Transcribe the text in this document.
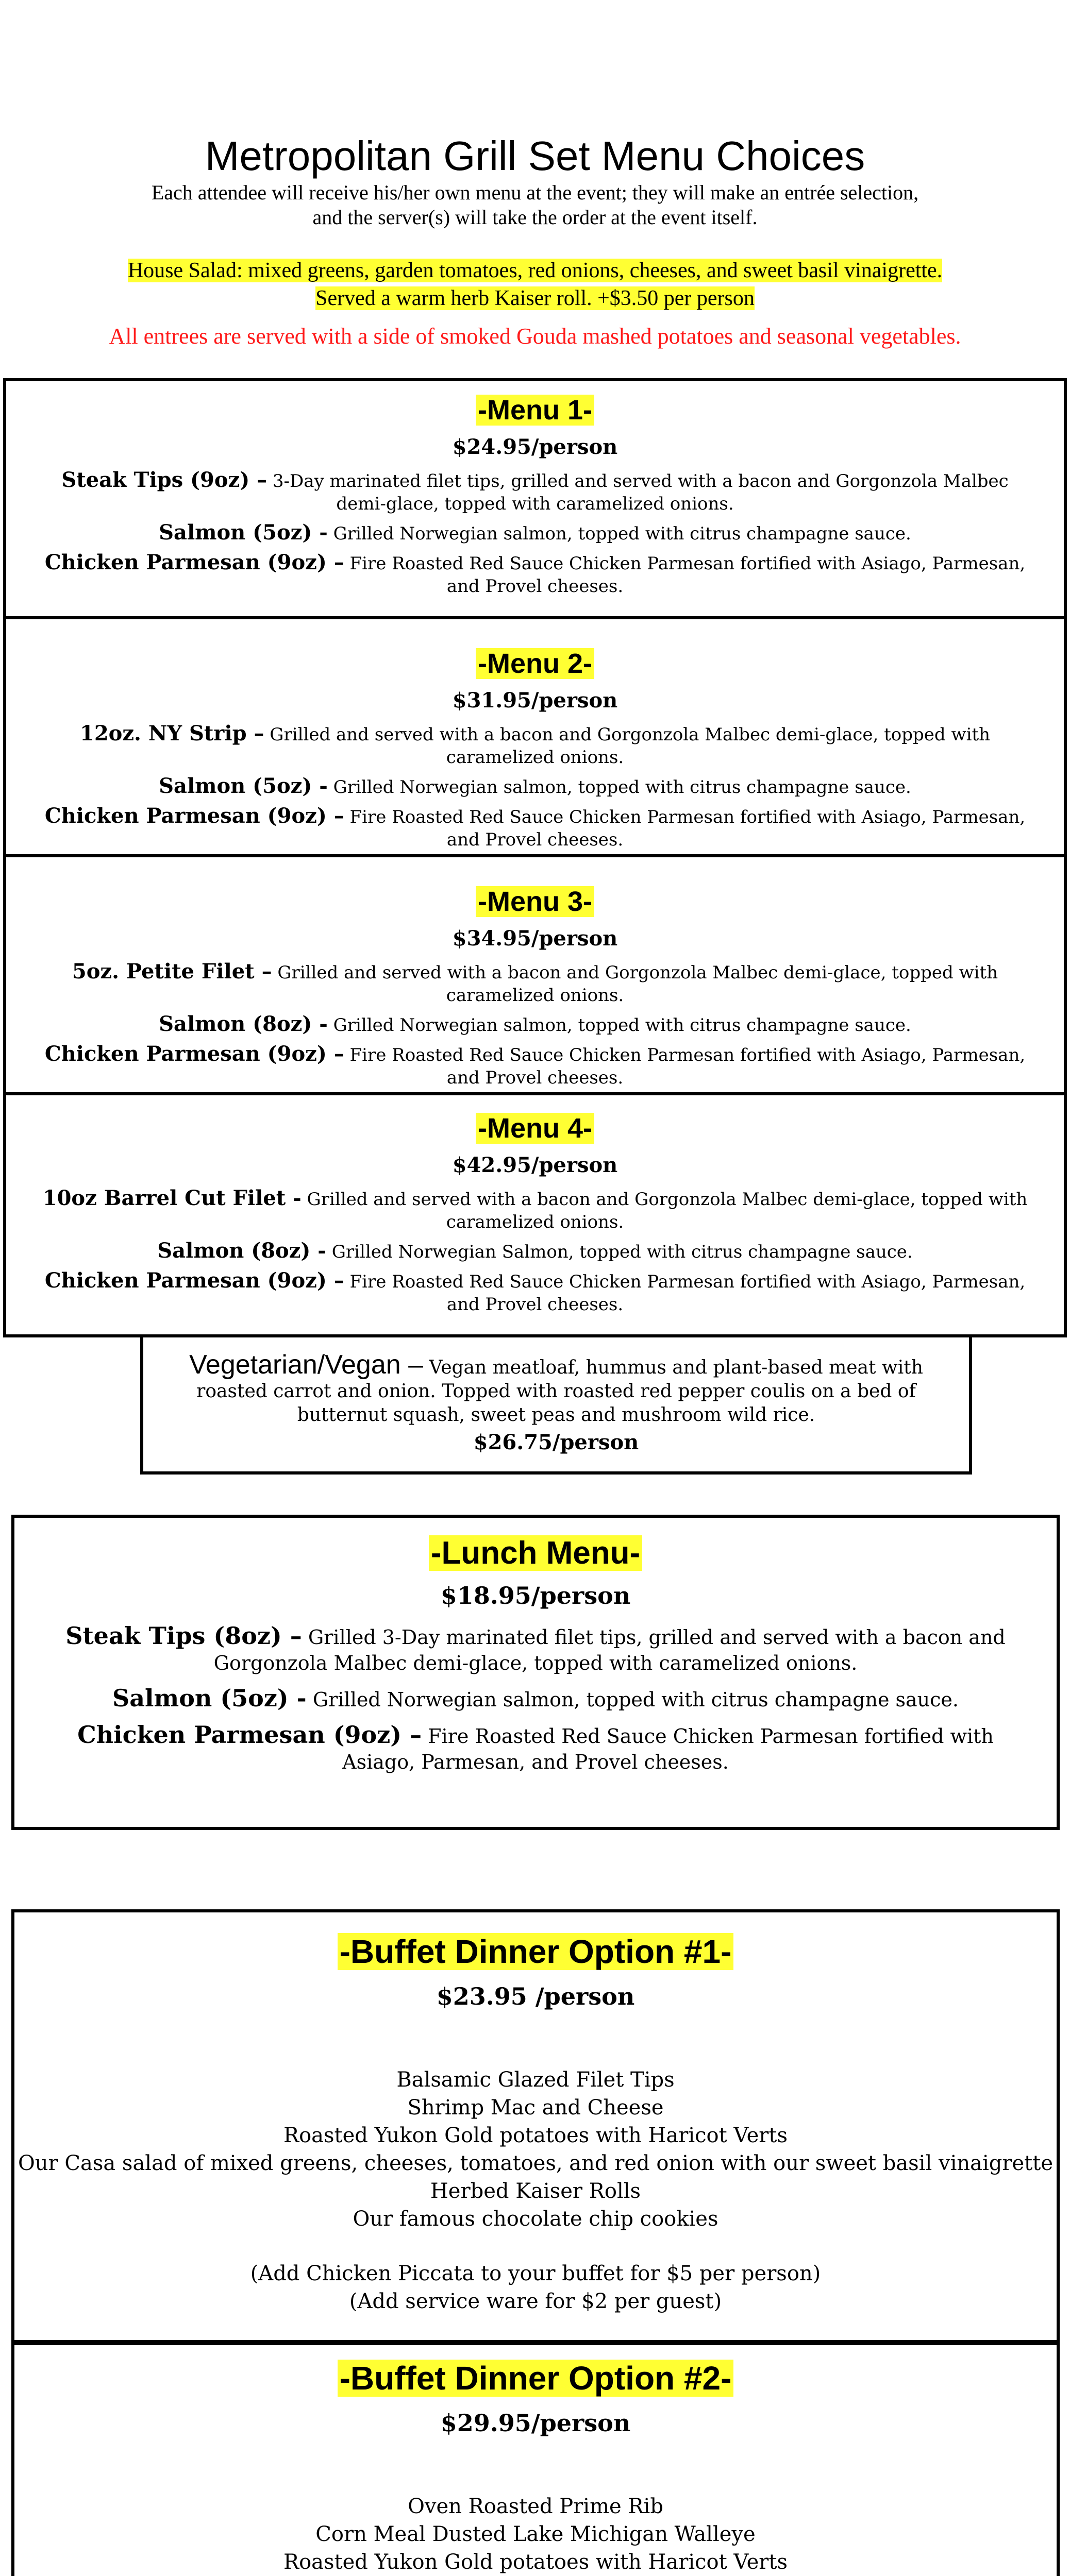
Metropolitan Grill Set Menu Choices
Each attendee will receive his/her own menu at the event; they will make an entrée selection,
and the server(s) will take the order at the event itself.
House Salad: mixed greens, garden tomatoes, red onions, cheeses, and sweet basil vinaigrette.
Served a warm herb Kaiser roll. +$3.50 per person
All entrees are served with a side of smoked Gouda mashed potatoes and seasonal vegetables.
-Menu 1-
$24.95/person
Steak Tips (9oz) – 3-Day marinated filet tips, grilled and served with a bacon and Gorgonzola Malbec demi-glace, topped with caramelized onions.
Salmon (5oz) - Grilled Norwegian salmon, topped with citrus champagne sauce.
Chicken Parmesan (9oz) – Fire Roasted Red Sauce Chicken Parmesan fortified with Asiago, Parmesan, and Provel cheeses.
-Menu 2-
$31.95/person
12oz. NY Strip – Grilled and served with a bacon and Gorgonzola Malbec demi-glace, topped with caramelized onions.
Salmon (5oz) - Grilled Norwegian salmon, topped with citrus champagne sauce.
Chicken Parmesan (9oz) – Fire Roasted Red Sauce Chicken Parmesan fortified with Asiago, Parmesan, and Provel cheeses.
-Menu 3-
$34.95/person
5oz. Petite Filet – Grilled and served with a bacon and Gorgonzola Malbec demi-glace, topped with caramelized onions.
Salmon (8oz) - Grilled Norwegian salmon, topped with citrus champagne sauce.
Chicken Parmesan (9oz) – Fire Roasted Red Sauce Chicken Parmesan fortified with Asiago, Parmesan, and Provel cheeses.
-Menu 4-
$42.95/person
10oz Barrel Cut Filet - Grilled and served with a bacon and Gorgonzola Malbec demi-glace, topped with caramelized onions.
Salmon (8oz) - Grilled Norwegian Salmon, topped with citrus champagne sauce.
Chicken Parmesan (9oz) – Fire Roasted Red Sauce Chicken Parmesan fortified with Asiago, Parmesan, and Provel cheeses.
Vegetarian/Vegan – Vegan meatloaf, hummus and plant-based meat with roasted carrot and onion. Topped with roasted red pepper coulis on a bed of butternut squash, sweet peas and mushroom wild rice.
$26.75/person
-Lunch Menu-
$18.95/person
Steak Tips (8oz) – Grilled 3-Day marinated filet tips, grilled and served with a bacon and Gorgonzola Malbec demi-glace, topped with caramelized onions.
Salmon (5oz) - Grilled Norwegian salmon, topped with citrus champagne sauce.
Chicken Parmesan (9oz) – Fire Roasted Red Sauce Chicken Parmesan fortified with Asiago, Parmesan, and Provel cheeses.
-Buffet Dinner Option #1-
$23.95 /person
Balsamic Glazed Filet Tips
Shrimp Mac and Cheese
Roasted Yukon Gold potatoes with Haricot Verts
Our Casa salad of mixed greens, cheeses, tomatoes, and red onion with our sweet basil vinaigrette
Herbed Kaiser Rolls
Our famous chocolate chip cookies
(Add Chicken Piccata to your buffet for $5 per person)
(Add service ware for $2 per guest)
-Buffet Dinner Option #2-
$29.95/person
Oven Roasted Prime Rib
Corn Meal Dusted Lake Michigan Walleye
Roasted Yukon Gold potatoes with Haricot Verts
